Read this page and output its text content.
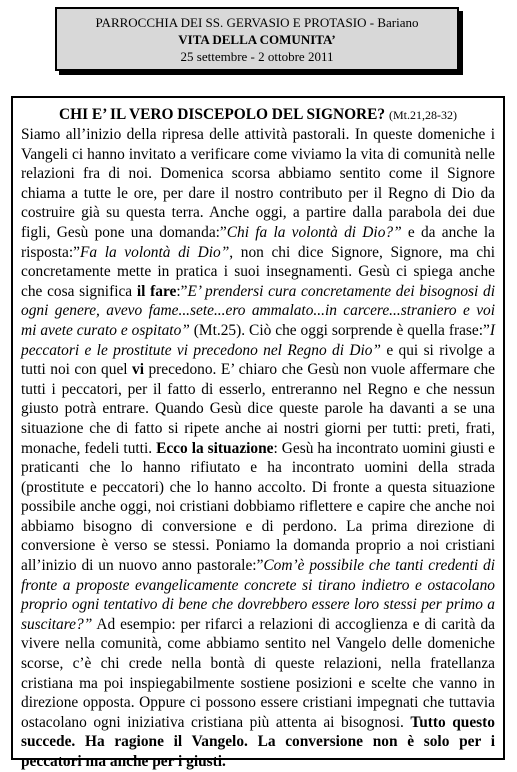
PARROCCHIA DEI SS. GERVASIO E PROTASIO - Bariano
VITA DELLA COMUNITA’
25 settembre - 2 ottobre 2011

CHI E’ IL VERO DISCEPOLO DEL SIGNORE? (Mt.21,28-32)

Siamo all’inizio della ripresa delle attività pastorali. In queste domeniche i Vangeli ci hanno invitato a verificare come viviamo la vita di comunità nelle relazioni fra di noi. Domenica scorsa abbiamo sentito come il Signore chiama a tutte le ore, per dare il nostro contributo per il Regno di Dio da costruire già su questa terra. Anche oggi, a partire dalla parabola dei due figli, Gesù pone una domanda:”Chi fa la volontà di Dio?” e da anche la risposta:”Fa la volontà di Dio”, non chi dice Signore, Signore, ma chi concretamente mette in pratica i suoi insegnamenti. Gesù ci spiega anche che cosa significa il fare:”E’ prendersi cura concretamente dei bisognosi di ogni genere, avevo fame...sete...ero ammalato...in carcere...straniero e voi mi avete curato e ospitato” (Mt.25). Ciò che oggi sorprende è quella frase:”I peccatori e le prostitute vi precedono nel Regno di Dio” e qui si rivolge a tutti noi con quel vi precedono. E’ chiaro che Gesù non vuole affermare che tutti i peccatori, per il fatto di esserlo, entreranno nel Regno e che nessun giusto potrà entrare. Quando Gesù dice queste parole ha davanti a se una situazione che di fatto si ripete anche ai nostri giorni per tutti: preti, frati, monache, fedeli tutti. Ecco la situazione: Gesù ha incontrato uomini giusti e praticanti che lo hanno rifiutato e ha incontrato uomini della strada (prostitute e peccatori) che lo hanno accolto. Di fronte a questa situazione possibile anche oggi, noi cristiani dobbiamo riflettere e capire che anche noi abbiamo bisogno di conversione e di perdono. La prima direzione di conversione è verso se stessi. Poniamo la domanda proprio a noi cristiani all’inizio di un nuovo anno pastorale:”Com’è possibile che tanti credenti di fronte a proposte evangelicamente concrete si tirano indietro e ostacolano proprio ogni tentativo di bene che dovrebbero essere loro stessi per primo a suscitare?” Ad esempio: per rifarci a relazioni di accoglienza e di carità da vivere nella comunità, come abbiamo sentito nel Vangelo delle domeniche scorse, c’è chi crede nella bontà di queste relazioni, nella fratellanza cristiana ma poi inspiegabilmente sostiene posizioni e scelte che vanno in direzione opposta. Oppure ci possono essere cristiani impegnati che tuttavia ostacolano ogni iniziativa cristiana più attenta ai bisognosi. Tutto questo succede. Ha ragione il Vangelo. La conversione non è solo per i peccatori ma anche per i giusti.
